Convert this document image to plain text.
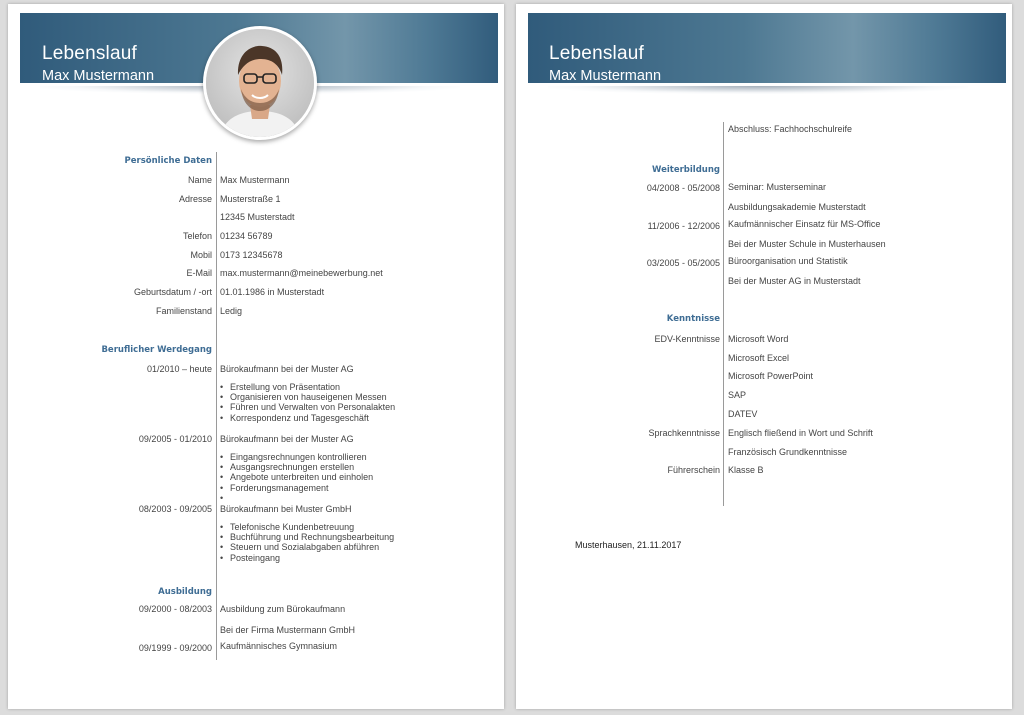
Lebenslauf
Max Mustermann
Persönliche Daten
Name Max Mustermann
Adresse Musterstraße 1
12345 Musterstadt
Telefon 01234 56789
Mobil 0173 12345678
E-Mail max.mustermann@meinebewerbung.net
Geburtsdatum / -ort 01.01.1986 in Musterstadt
Familienstand Ledig
Beruflicher Werdegang
01/2010 – heute Bürokaufmann bei der Muster AG
• Erstellung von Präsentation
• Organisieren von hauseigenen Messen
• Führen und Verwalten von Personalakten
• Korrespondenz und Tagesgeschäft
09/2005 - 01/2010 Bürokaufmann bei der Muster AG
• Eingangsrechnungen kontrollieren
• Ausgangsrechnungen erstellen
• Angebote unterbreiten und einholen
• Forderungsmanagement
•
08/2003 - 09/2005 Bürokaufmann bei Muster GmbH
• Telefonische Kundenbetreuung
• Buchführung und Rechnungsbearbeitung
• Steuern und Sozialabgaben abführen
• Posteingang
Ausbildung
09/2000 - 08/2003 Ausbildung zum Bürokaufmann
Bei der Firma Mustermann GmbH
09/1999 - 09/2000 Kaufmännisches Gymnasium
Lebenslauf
Max Mustermann
Abschluss: Fachhochschulreife
Weiterbildung
04/2008 - 05/2008 Seminar: Musterseminar
Ausbildungsakademie Musterstadt
11/2006 - 12/2006 Kaufmännischer Einsatz für MS-Office
Bei der Muster Schule in Musterhausen
03/2005 - 05/2005 Büroorganisation und Statistik
Bei der Muster AG in Musterstadt
Kenntnisse
EDV-Kenntnisse Microsoft Word
Microsoft Excel
Microsoft PowerPoint
SAP
DATEV
Sprachkenntnisse Englisch fließend in Wort und Schrift
Französisch Grundkenntnisse
Führerschein Klasse B
Musterhausen, 21.11.2017
